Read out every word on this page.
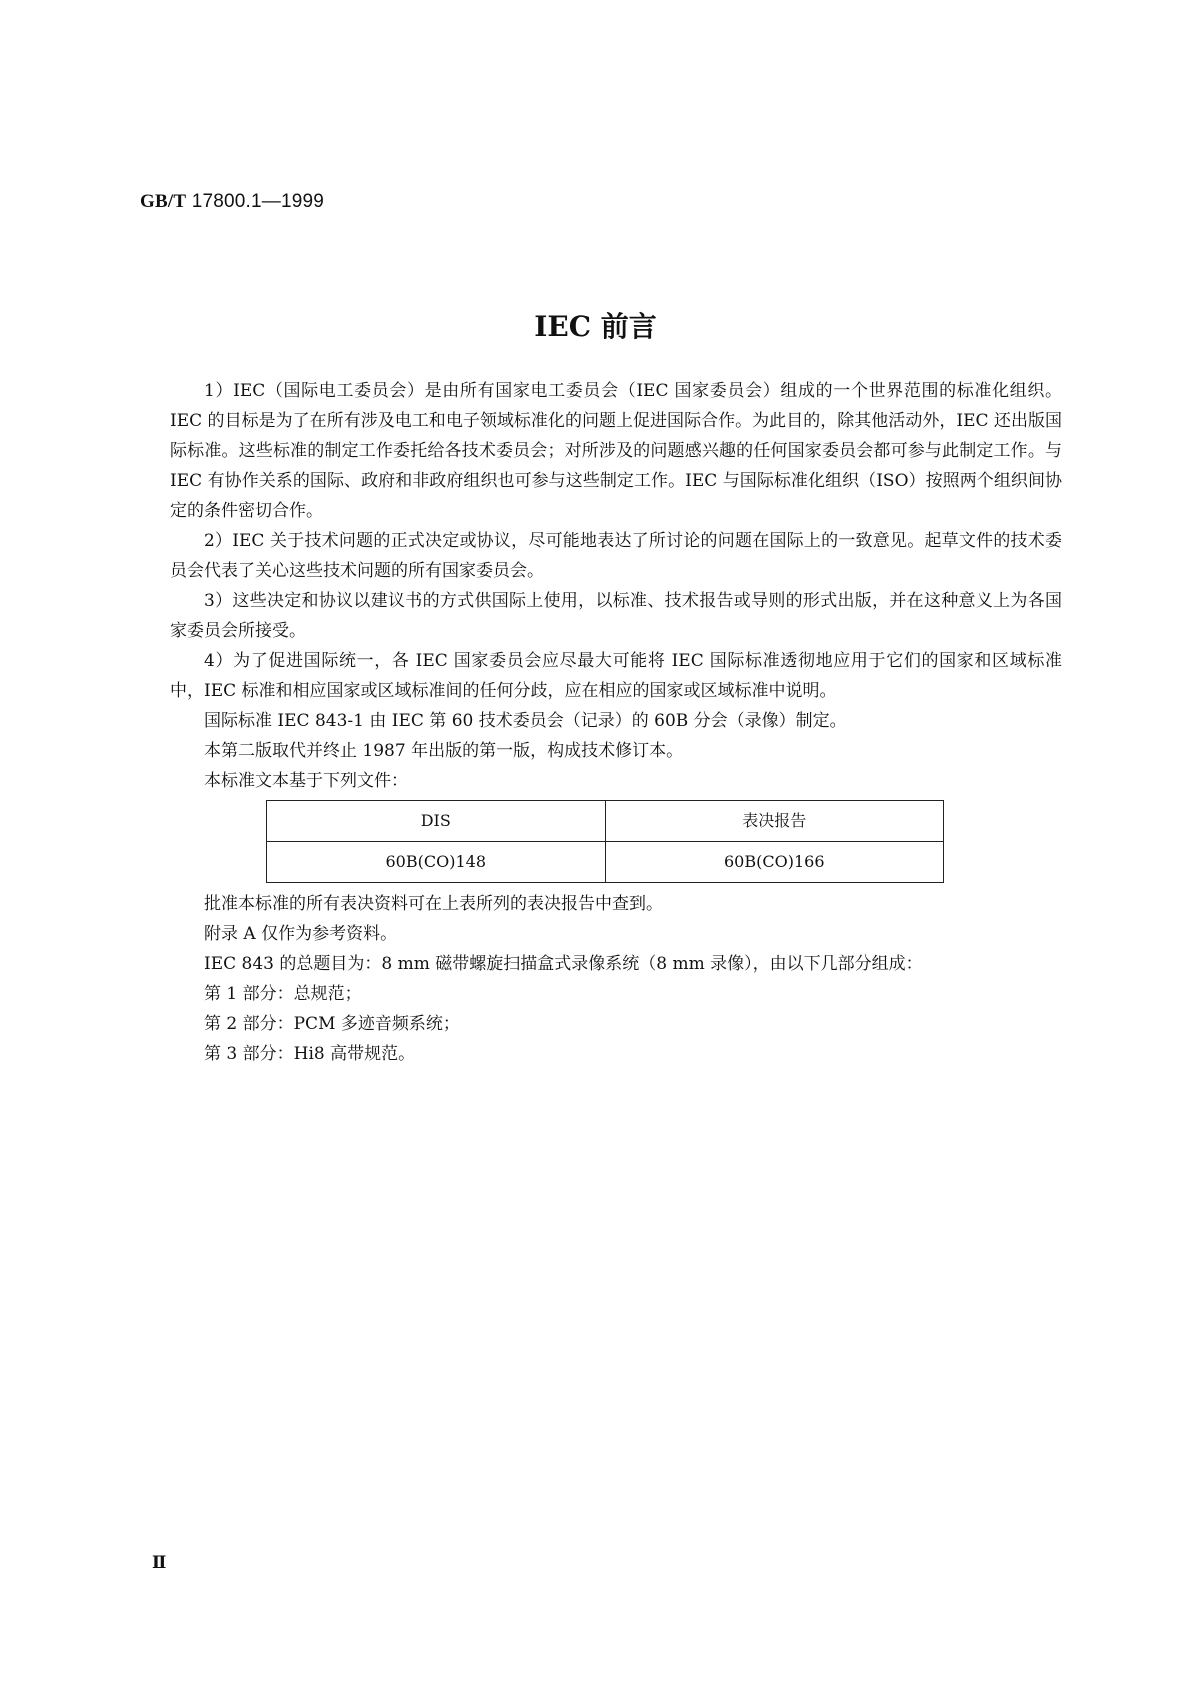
GB/T 17800.1—1999
IEC 前言

1）IEC（国际电工委员会）是由所有国家电工委员会（IEC 国家委员会）组成的一个世界范围的标准化组织。IEC 的目标是为了在所有涉及电工和电子领域标准化的问题上促进国际合作。为此目的，除其他活动外，IEC 还出版国际标准。这些标准的制定工作委托给各技术委员会；对所涉及的问题感兴趣的任何国家委员会都可参与此制定工作。与 IEC 有协作关系的国际、政府和非政府组织也可参与这些制定工作。IEC 与国际标准化组织（ISO）按照两个组织间协定的条件密切合作。

2）IEC 关于技术问题的正式决定或协议，尽可能地表达了所讨论的问题在国际上的一致意见。起草文件的技术委员会代表了关心这些技术问题的所有国家委员会。

3）这些决定和协议以建议书的方式供国际上使用，以标准、技术报告或导则的形式出版，并在这种意义上为各国家委员会所接受。

4）为了促进国际统一，各 IEC 国家委员会应尽最大可能将 IEC 国际标准透彻地应用于它们的国家和区域标准中，IEC 标准和相应国家或区域标准间的任何分歧，应在相应的国家或区域标准中说明。

国际标准 IEC 843-1 由 IEC 第 60 技术委员会（记录）的 60B 分会（录像）制定。

本第二版取代并终止 1987 年出版的第一版，构成技术修订本。

本标准文本基于下列文件：

DIS	表决报告
60B(CO)148	60B(CO)166

批准本标准的所有表决资料可在上表所列的表决报告中查到。

附录 A 仅作为参考资料。

IEC 843 的总题目为：8 mm 磁带螺旋扫描盒式录像系统（8 mm 录像），由以下几部分组成：

第 1 部分：总规范；

第 2 部分：PCM 多迹音频系统；

第 3 部分：Hi8 高带规范。

Ⅱ
